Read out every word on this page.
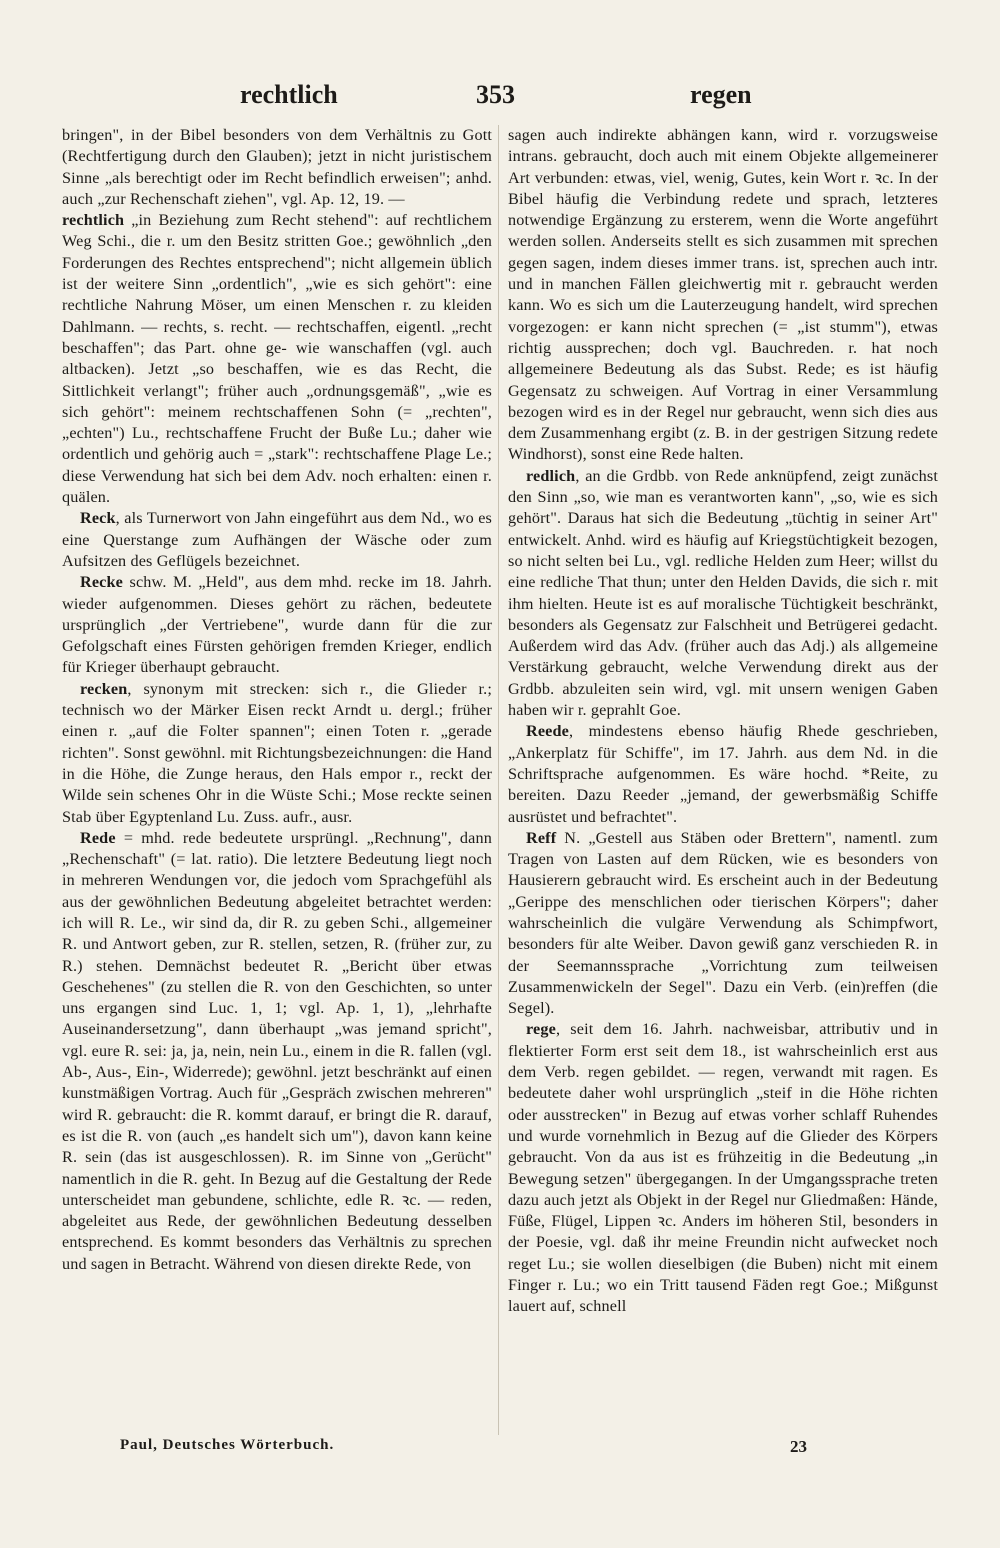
rechtlich	353	regen

bringen", in der Bibel besonders von dem Verhältnis zu Gott (Rechtfertigung durch den Glauben); jetzt in nicht juristischem Sinne „als berechtigt oder im Recht befindlich erweisen"; anhd. auch „zur Rechenschaft ziehen", vgl. Ap. 12, 19. —

rechtlich „in Beziehung zum Recht stehend": auf rechtlichem Weg Schi., die r. um den Besitz stritten Goe.; gewöhnlich „den Forderungen des Rechtes entsprechend"; nicht allgemein üblich ist der weitere Sinn „ordentlich", „wie es sich gehört": eine rechtliche Nahrung Möser, um einen Menschen r. zu kleiden Dahlmann. — rechts, s. recht. — rechtschaffen, eigentl. „recht beschaffen"; das Part. ohne ge- wie wanschaffen (vgl. auch altbacken). Jetzt „so beschaffen, wie es das Recht, die Sittlichkeit verlangt"; früher auch „ordnungsgemäß", „wie es sich gehört": meinem rechtschaffenen Sohn (= „rechten", „echten") Lu., rechtschaffene Frucht der Buße Lu.; daher wie ordentlich und gehörig auch = „stark": rechtschaffene Plage Le.; diese Verwendung hat sich bei dem Adv. noch erhalten: einen r. quälen.

Reck, als Turnerwort von Jahn eingeführt aus dem Nd., wo es eine Querstange zum Aufhängen der Wäsche oder zum Aufsitzen des Geflügels bezeichnet.

Recke schw. M. „Held", aus dem mhd. recke im 18. Jahrh. wieder aufgenommen. Dieses gehört zu rächen, bedeutete ursprünglich „der Vertriebene", wurde dann für die zur Gefolgschaft eines Fürsten gehörigen fremden Krieger, endlich für Krieger überhaupt gebraucht.

recken, synonym mit strecken: sich r., die Glieder r.; technisch wo der Märker Eisen reckt Arndt u. dergl.; früher einen r. „auf die Folter spannen"; einen Toten r. „gerade richten". Sonst gewöhnl. mit Richtungsbezeichnungen: die Hand in die Höhe, die Zunge heraus, den Hals empor r., reckt der Wilde sein schenes Ohr in die Wüste Schi.; Mose reckte seinen Stab über Egyptenland Lu. Zuss. aufr., ausr.

Rede = mhd. rede bedeutete ursprüngl. „Rechnung", dann „Rechenschaft" (= lat. ratio). Die letztere Bedeutung liegt noch in mehreren Wendungen vor, die jedoch vom Sprachgefühl als aus der gewöhnlichen Bedeutung abgeleitet betrachtet werden: ich will R. Le., wir sind da, dir R. zu geben Schi., allgemeiner R. und Antwort geben, zur R. stellen, setzen, R. (früher zur, zu R.) stehen. Demnächst bedeutet R. „Bericht über etwas Geschehenes" (zu stellen die R. von den Geschichten, so unter uns ergangen sind Luc. 1, 1; vgl. Ap. 1, 1), „lehrhafte Auseinandersetzung", dann überhaupt „was jemand spricht", vgl. eure R. sei: ja, ja, nein, nein Lu., einem in die R. fallen (vgl. Ab-, Aus-, Ein-, Widerrede); gewöhnl. jetzt beschränkt auf einen kunstmäßigen Vortrag. Auch für „Gespräch zwischen mehreren" wird R. gebraucht: die R. kommt darauf, er bringt die R. darauf, es ist die R. von (auch „es handelt sich um"), davon kann keine R. sein (das ist ausgeschlossen). R. im Sinne von „Gerücht" namentlich in die R. geht. In Bezug auf die Gestaltung der Rede unterscheidet man gebundene, schlichte, edle R. ꝛc. — reden, abgeleitet aus Rede, der gewöhnlichen Bedeutung desselben entsprechend. Es kommt besonders das Verhältnis zu sprechen und sagen in Betracht. Während von diesen direkte Rede, von

sagen auch indirekte abhängen kann, wird r. vorzugsweise intrans. gebraucht, doch auch mit einem Objekte allgemeinerer Art verbunden: etwas, viel, wenig, Gutes, kein Wort r. ꝛc. In der Bibel häufig die Verbindung redete und sprach, letzteres notwendige Ergänzung zu ersterem, wenn die Worte angeführt werden sollen. Anderseits stellt es sich zusammen mit sprechen gegen sagen, indem dieses immer trans. ist, sprechen auch intr. und in manchen Fällen gleichwertig mit r. gebraucht werden kann. Wo es sich um die Lauterzeugung handelt, wird sprechen vorgezogen: er kann nicht sprechen (= „ist stumm"), etwas richtig aussprechen; doch vgl. Bauchreden. r. hat noch allgemeinere Bedeutung als das Subst. Rede; es ist häufig Gegensatz zu schweigen. Auf Vortrag in einer Versammlung bezogen wird es in der Regel nur gebraucht, wenn sich dies aus dem Zusammenhang ergibt (z. B. in der gestrigen Sitzung redete Windhorst), sonst eine Rede halten.

redlich, an die Grdbb. von Rede anknüpfend, zeigt zunächst den Sinn „so, wie man es verantworten kann", „so, wie es sich gehört". Daraus hat sich die Bedeutung „tüchtig in seiner Art" entwickelt. Anhd. wird es häufig auf Kriegstüchtigkeit bezogen, so nicht selten bei Lu., vgl. redliche Helden zum Heer; willst du eine redliche That thun; unter den Helden Davids, die sich r. mit ihm hielten. Heute ist es auf moralische Tüchtigkeit beschränkt, besonders als Gegensatz zur Falschheit und Betrügerei gedacht. Außerdem wird das Adv. (früher auch das Adj.) als allgemeine Verstärkung gebraucht, welche Verwendung direkt aus der Grdbb. abzuleiten sein wird, vgl. mit unsern wenigen Gaben haben wir r. geprahlt Goe.

Reede, mindestens ebenso häufig Rhede geschrieben, „Ankerplatz für Schiffe", im 17. Jahrh. aus dem Nd. in die Schriftsprache aufgenommen. Es wäre hochd. *Reite, zu bereiten. Dazu Reeder „jemand, der gewerbsmäßig Schiffe ausrüstet und befrachtet".

Reff N. „Gestell aus Stäben oder Brettern", namentl. zum Tragen von Lasten auf dem Rücken, wie es besonders von Hausierern gebraucht wird. Es erscheint auch in der Bedeutung „Gerippe des menschlichen oder tierischen Körpers"; daher wahrscheinlich die vulgäre Verwendung als Schimpfwort, besonders für alte Weiber. Davon gewiß ganz verschieden R. in der Seemannssprache „Vorrichtung zum teilweisen Zusammenwickeln der Segel". Dazu ein Verb. (ein)reffen (die Segel).

rege, seit dem 16. Jahrh. nachweisbar, attributiv und in flektierter Form erst seit dem 18., ist wahrscheinlich erst aus dem Verb. regen gebildet. — regen, verwandt mit ragen. Es bedeutete daher wohl ursprünglich „steif in die Höhe richten oder ausstrecken" in Bezug auf etwas vorher schlaff Ruhendes und wurde vornehmlich in Bezug auf die Glieder des Körpers gebraucht. Von da aus ist es frühzeitig in die Bedeutung „in Bewegung setzen" übergegangen. In der Umgangssprache treten dazu auch jetzt als Objekt in der Regel nur Gliedmaßen: Hände, Füße, Flügel, Lippen ꝛc. Anders im höheren Stil, besonders in der Poesie, vgl. daß ihr meine Freundin nicht aufwecket noch reget Lu.; sie wollen dieselbigen (die Buben) nicht mit einem Finger r. Lu.; wo ein Tritt tausend Fäden regt Goe.; Mißgunst lauert auf, schnell

Paul, Deutsches Wörterbuch.	23
